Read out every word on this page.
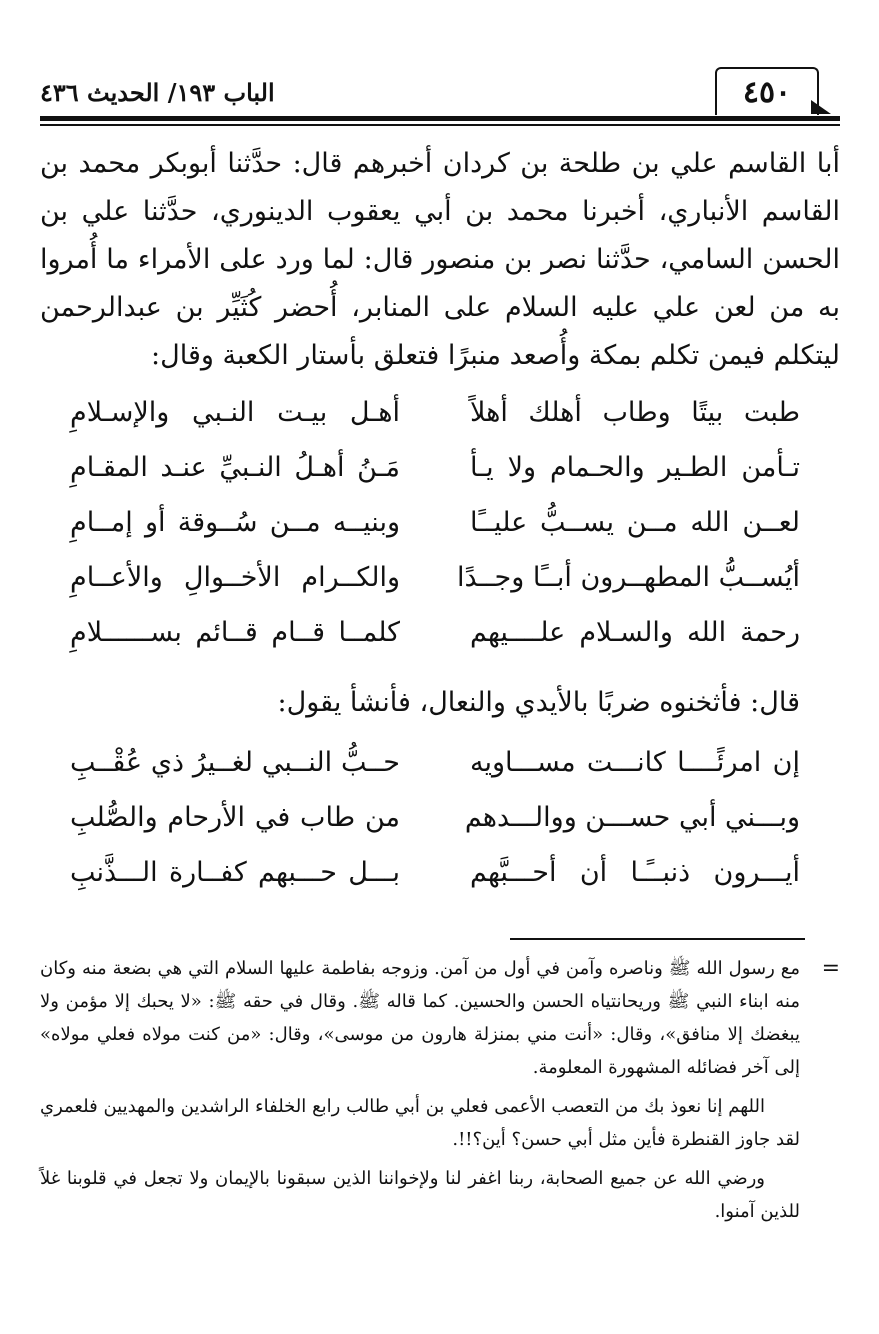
٤٥٠
الباب ١٩٣/ الحديث ٤٣٦

أبا القاسم علي بن طلحة بن كردان أخبرهم قال: حدَّثنا أبوبكر محمد بن القاسم الأنباري، أخبرنا محمد بن أبي يعقوب الدينوري، حدَّثنا علي بن الحسن السامي، حدَّثنا نصر بن منصور قال: لما ورد على الأمراء ما أُمروا به من لعن علي عليه السلام على المنابر، أُحضر كُثَيِّر بن عبدالرحمن ليتكلم فيمن تكلم بمكة وأُصعد منبرًا فتعلق بأستار الكعبة وقال:

طبت بيتًا وطاب أهلك أهلاً
أهـل بيـت النـبي والإسـلامِ
تـأمن الطـير والحـمام ولا يـأ
مَـنُ أهـلُ النـبيِّ عنـد المقـامِ
لعــن الله مــن يســبُّ عليــًا
وبنيــه مــن سُــوقة أو إمــامِ
أيُســبُّ المطهــرون أبــًا وجــدًا
والكــرام الأخــوالِ والأعــامِ
رحمة الله والسـلام علــــيهم
كلمــا قــام قــائم بســــــلامِ
قال: فأثخنوه ضربًا بالأيدي والنعال، فأنشأ يقول:
إن امرئًــــا كانـــت مســـاويه
حــبُّ النــبي لغــيرُ ذي عُقْــبِ
وبـــني أبي حســـن ووالـــدهم
من طاب في الأرحام والصُّلبِ
أيـــرون ذنبــًـا أن أحـــبَّهم
بـــل حـــبهم كفــارة الـــذَّنبِ

=
مع رسول الله ﷺ وناصره وآمن في أول من آمن. وزوجه بفاطمة عليها السلام التي هي بضعة منه وكان منه ابناء النبي ﷺ وريحانتياه الحسن والحسين. كما قاله ﷺ. وقال في حقه ﷺ: «لا يحبك إلا مؤمن ولا يبغضك إلا منافق»، وقال: «أنت مني بمنزلة هارون من موسى»، وقال: «من كنت مولاه فعلي مولاه» إلى آخر فضائله المشهورة المعلومة.

اللهم إنا نعوذ بك من التعصب الأعمى فعلي بن أبي طالب رابع الخلفاء الراشدين والمهديين فلعمري لقد جاوز القنطرة فأين مثل أبي حسن؟ أين؟!!.

ورضي الله عن جميع الصحابة، ربنا اغفر لنا ولإخواننا الذين سبقونا بالإيمان ولا تجعل في قلوبنا غلاً للذين آمنوا.
